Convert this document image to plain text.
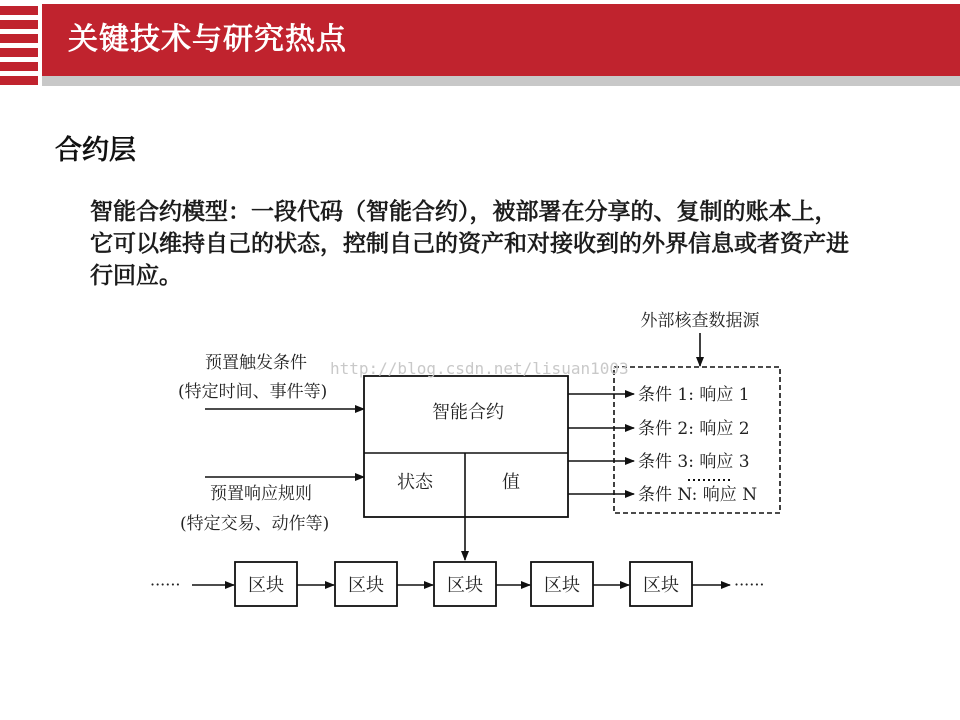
关键技术与研究热点
合约层
智能合约模型：一段代码（智能合约），被部署在分享的、复制的账本上，它可以维持自己的状态，控制自己的资产和对接收到的外界信息或者资产进行回应。
预置触发条件
(特定时间、事件等)
预置响应规则
(特定交易、动作等)
智能合约
状态	值
外部核查数据源
条件 1: 响应 1
条件 2: 响应 2
条件 3: 响应 3
条件 N: 响应 N
······	区块	区块	区块	区块	区块	······
http://blog.csdn.net/lisuan1003
